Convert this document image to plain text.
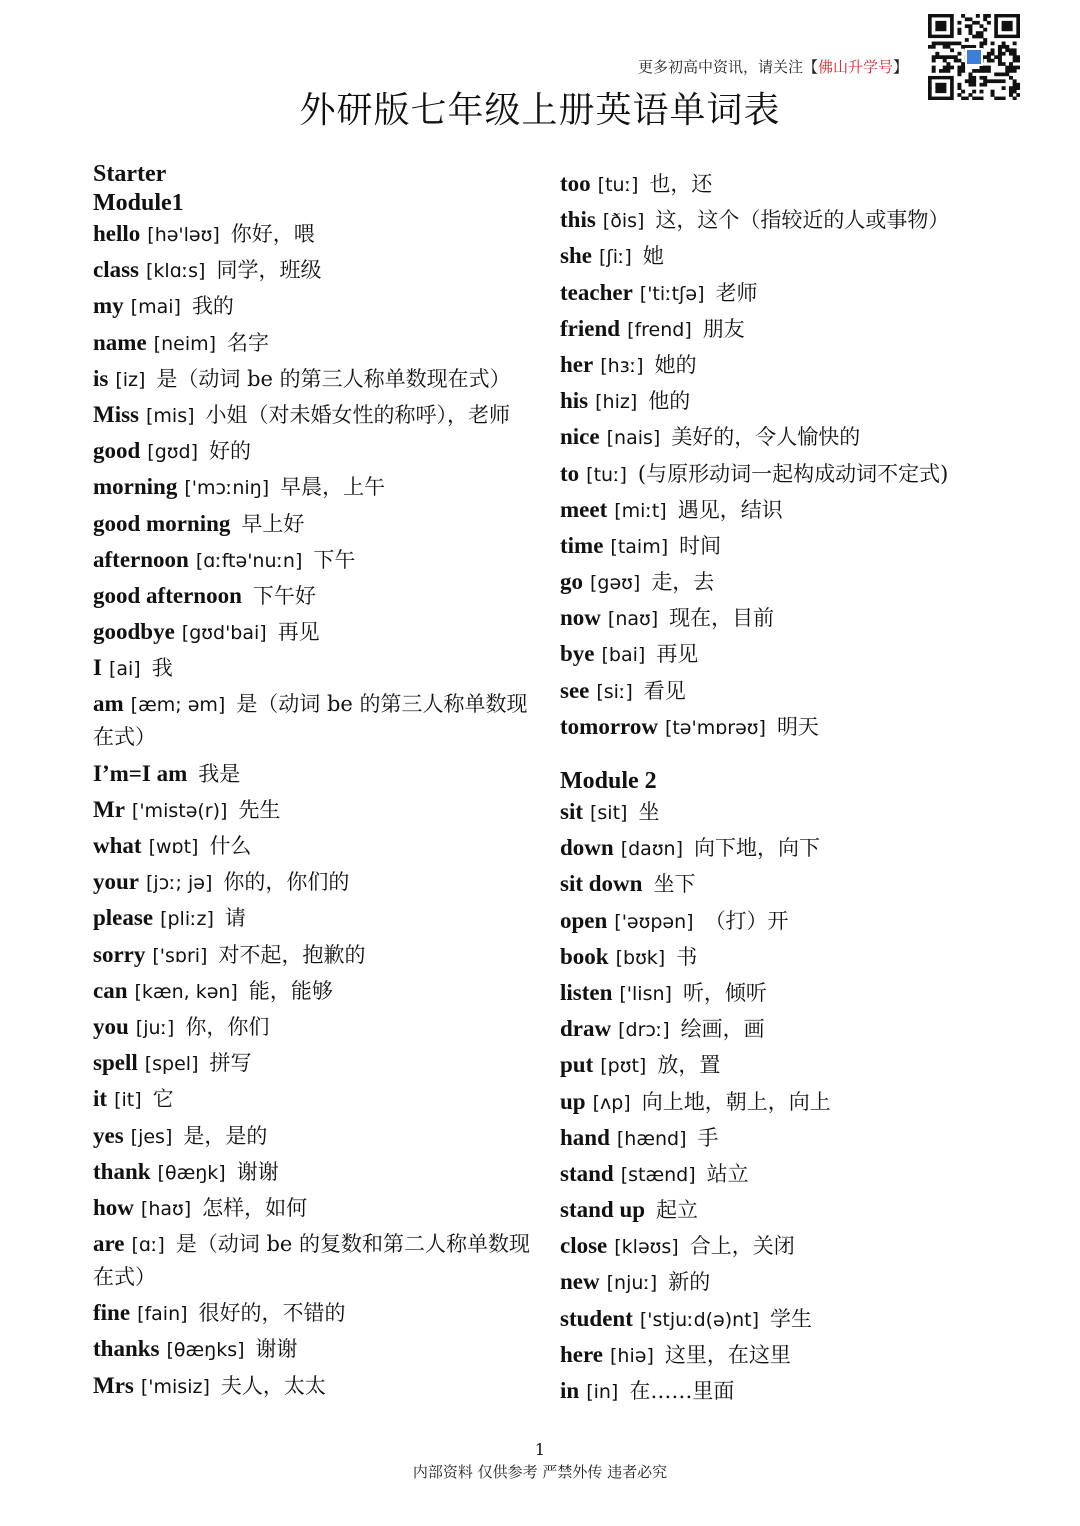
更多初高中资讯，请关注【佛山升学号】
外研版七年级上册英语单词表
Starter
Module1
hello [hə'ləʊ]  你好，喂
class [klɑːs]  同学，班级
my [mai]  我的
name [neim]  名字
is [iz]  是（动词 be 的第三人称单数现在式）
Miss [mis]  小姐（对未婚女性的称呼），老师
good [gʊd]  好的
morning ['mɔːniŋ]  早晨，上午
good morning  早上好
afternoon [ɑːftə'nuːn]  下午
good afternoon  下午好
goodbye [gʊd'bai]  再见
I [ai]  我
am [æm; əm]  是（动词 be 的第三人称单数现在式）
I’m=I am  我是
Mr ['mistə(r)]  先生
what [wɒt]  什么
your [jɔː; jə]  你的，你们的
please [pliːz]  请
sorry ['sɒri]  对不起，抱歉的
can [kæn, kən]  能，能够
you [juː]  你，你们
spell [spel]  拼写
it [it]  它
yes [jes]  是，是的
thank [θæŋk]  谢谢
how [haʊ]  怎样，如何
are [ɑː]  是（动词 be 的复数和第二人称单数现在式）
fine [fain]  很好的，不错的
thanks [θæŋks]  谢谢
Mrs ['misiz]  夫人，太太
too [tuː]  也，还
this [ðis]  这，这个（指较近的人或事物）
she [ʃiː]  她
teacher ['tiːtʃə]  老师
friend [frend]  朋友
her [hɜː]  她的
his [hiz]  他的
nice [nais]  美好的，令人愉快的
to [tuː]  (与原形动词一起构成动词不定式)
meet [miːt]  遇见，结识
time [taim]  时间
go [gəʊ]  走，去
now [naʊ]  现在，目前
bye [bai]  再见
see [siː]  看见
tomorrow [tə'mɒrəʊ]  明天
Module 2
sit [sit]  坐
down [daʊn]  向下地，向下
sit down  坐下
open ['əʊpən]  （打）开
book [bʊk]  书
listen ['lisn]  听，倾听
draw [drɔː]  绘画，画
put [pʊt]  放，置
up [ʌp]  向上地，朝上，向上
hand [hænd]  手
stand [stænd]  站立
stand up  起立
close [kləʊs]  合上，关闭
new [njuː]  新的
student ['stjuːd(ə)nt]  学生
here [hiə]  这里，在这里
in [in]  在……里面
1
内部资料 仅供参考 严禁外传 违者必究
